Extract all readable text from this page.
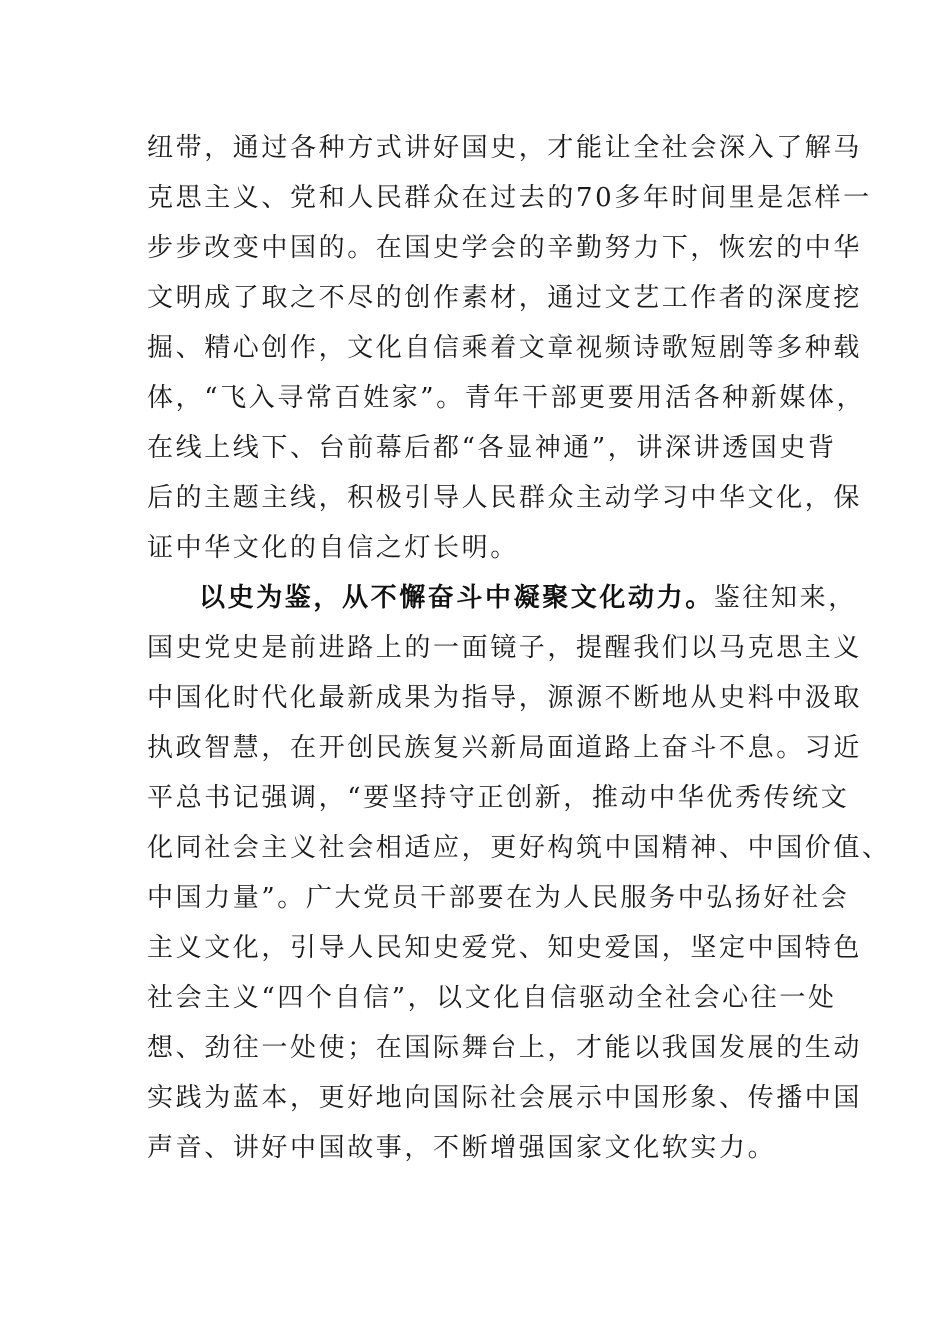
纽带，通过各种方式讲好国史，才能让全社会深入了解马
克思主义、党和人民群众在过去的70多年时间里是怎样一
步步改变中国的。在国史学会的辛勤努力下，恢宏的中华
文明成了取之不尽的创作素材，通过文艺工作者的深度挖
掘、精心创作，文化自信乘着文章视频诗歌短剧等多种载
体，“飞入寻常百姓家”。青年干部更要用活各种新媒体，
在线上线下、台前幕后都“各显神通”，讲深讲透国史背
后的主题主线，积极引导人民群众主动学习中华文化，保
证中华文化的自信之灯长明。
以史为鉴，从不懈奋斗中凝聚文化动力。鉴往知来，
国史党史是前进路上的一面镜子，提醒我们以马克思主义
中国化时代化最新成果为指导，源源不断地从史料中汲取
执政智慧，在开创民族复兴新局面道路上奋斗不息。习近
平总书记强调，“要坚持守正创新，推动中华优秀传统文
化同社会主义社会相适应，更好构筑中国精神、中国价值、
中国力量”。广大党员干部要在为人民服务中弘扬好社会
主义文化，引导人民知史爱党、知史爱国，坚定中国特色
社会主义“四个自信”，以文化自信驱动全社会心往一处
想、劲往一处使；在国际舞台上，才能以我国发展的生动
实践为蓝本，更好地向国际社会展示中国形象、传播中国
声音、讲好中国故事，不断增强国家文化软实力。
